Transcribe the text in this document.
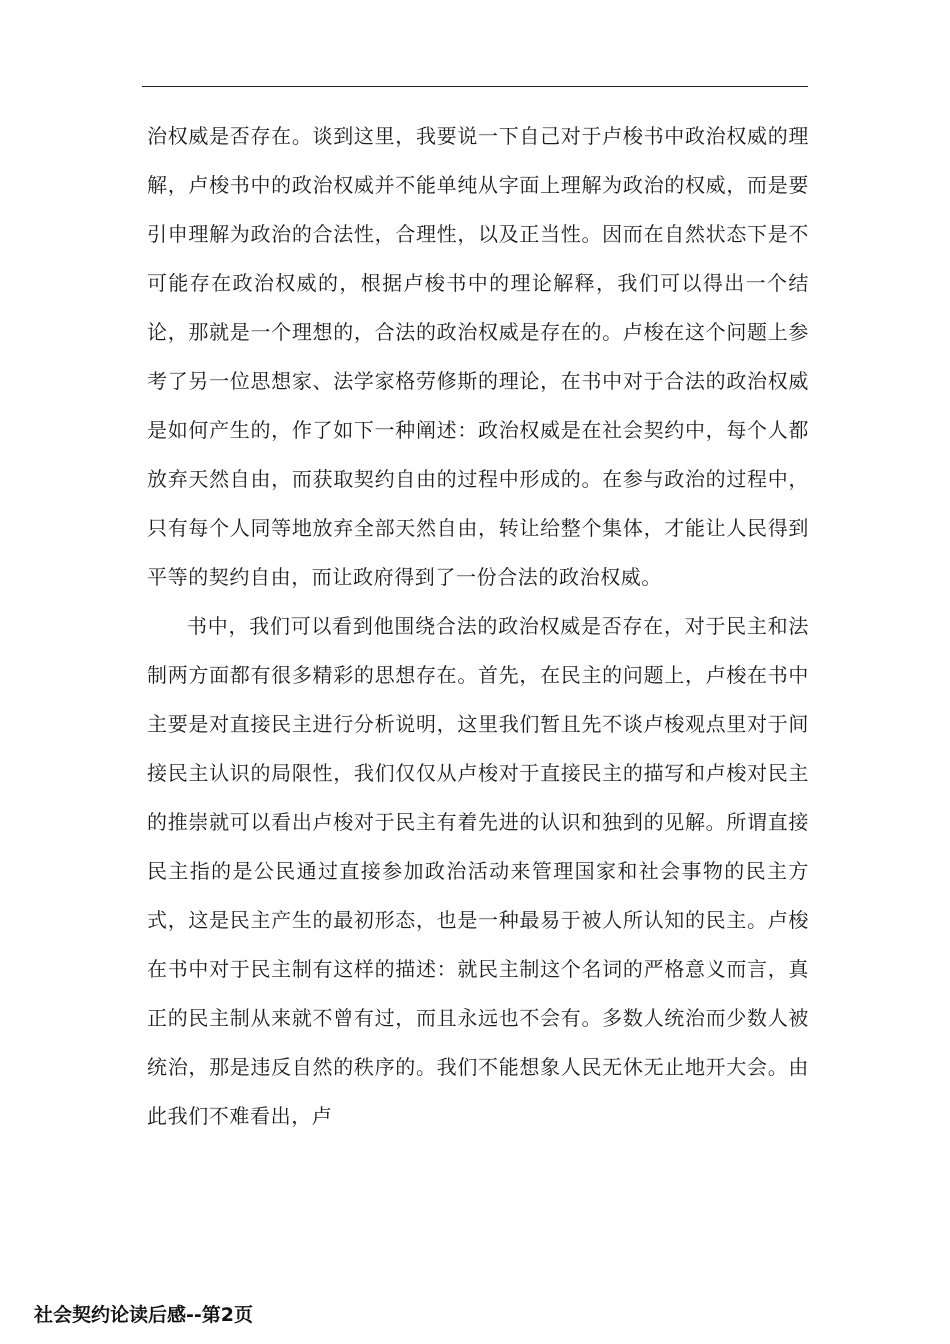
治权威是否存在。谈到这里，我要说一下自己对于卢梭书中政治权威的理解，卢梭书中的政治权威并不能单纯从字面上理解为政治的权威，而是要引申理解为政治的合法性，合理性，以及正当性。因而在自然状态下是不可能存在政治权威的，根据卢梭书中的理论解释，我们可以得出一个结论，那就是一个理想的，合法的政治权威是存在的。卢梭在这个问题上参考了另一位思想家、法学家格劳修斯的理论，在书中对于合法的政治权威是如何产生的，作了如下一种阐述：政治权威是在社会契约中，每个人都放弃天然自由，而获取契约自由的过程中形成的。在参与政治的过程中，只有每个人同等地放弃全部天然自由，转让给整个集体，才能让人民得到平等的契约自由，而让政府得到了一份合法的政治权威。

书中，我们可以看到他围绕合法的政治权威是否存在，对于民主和法制两方面都有很多精彩的思想存在。首先，在民主的问题上，卢梭在书中主要是对直接民主进行分析说明，这里我们暂且先不谈卢梭观点里对于间接民主认识的局限性，我们仅仅从卢梭对于直接民主的描写和卢梭对民主的推崇就可以看出卢梭对于民主有着先进的认识和独到的见解。所谓直接民主指的是公民通过直接参加政治活动来管理国家和社会事物的民主方式，这是民主产生的最初形态，也是一种最易于被人所认知的民主。卢梭在书中对于民主制有这样的描述：就民主制这个名词的严格意义而言，真正的民主制从来就不曾有过，而且永远也不会有。多数人统治而少数人被统治，那是违反自然的秩序的。我们不能想象人民无休无止地开大会。由此我们不难看出，卢

社会契约论读后感--第2页
